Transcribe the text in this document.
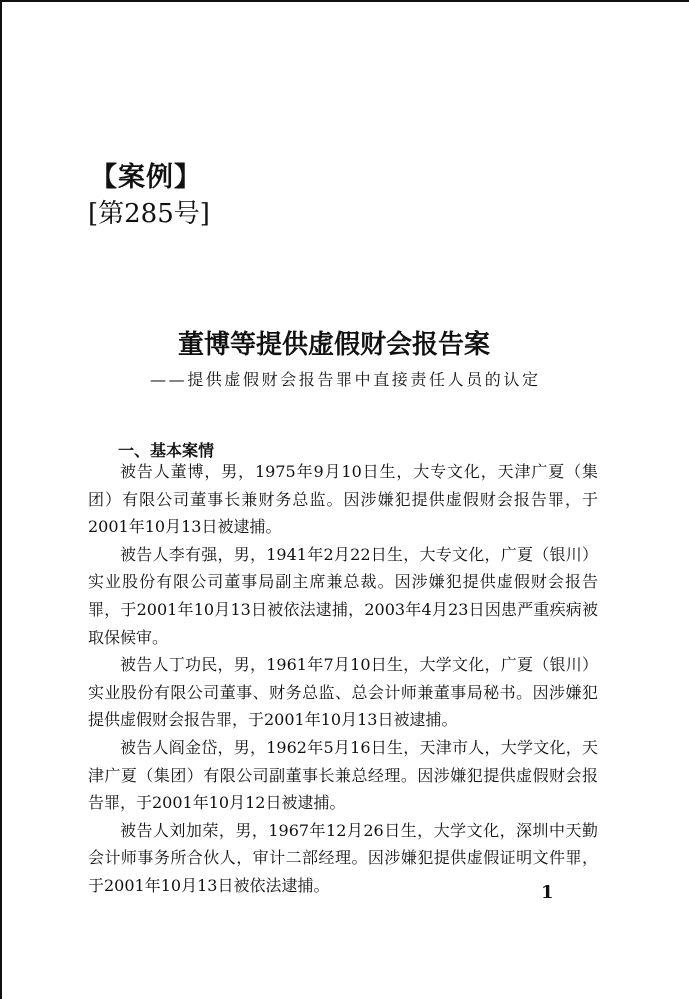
【案例】
[第285号]
董博等提供虚假财会报告案
——提供虚假财会报告罪中直接责任人员的认定
一、基本案情

被告人董博，男，1975年9月10日生，大专文化，天津广夏（集团）有限公司董事长兼财务总监。因涉嫌犯提供虚假财会报告罪，于2001年10月13日被逮捕。

被告人李有强，男，1941年2月22日生，大专文化，广夏（银川）实业股份有限公司董事局副主席兼总裁。因涉嫌犯提供虚假财会报告罪，于2001年10月13日被依法逮捕，2003年4月23日因患严重疾病被取保候审。

被告人丁功民，男，1961年7月10日生，大学文化，广夏（银川）实业股份有限公司董事、财务总监、总会计师兼董事局秘书。因涉嫌犯提供虚假财会报告罪，于2001年10月13日被逮捕。

被告人阎金岱，男，1962年5月16日生，天津市人，大学文化，天津广夏（集团）有限公司副董事长兼总经理。因涉嫌犯提供虚假财会报告罪，于2001年10月12日被逮捕。

被告人刘加荣，男，1967年12月26日生，大学文化，深圳中天勤会计师事务所合伙人，审计二部经理。因涉嫌犯提供虚假证明文件罪，于2001年10月13日被依法逮捕。	1
